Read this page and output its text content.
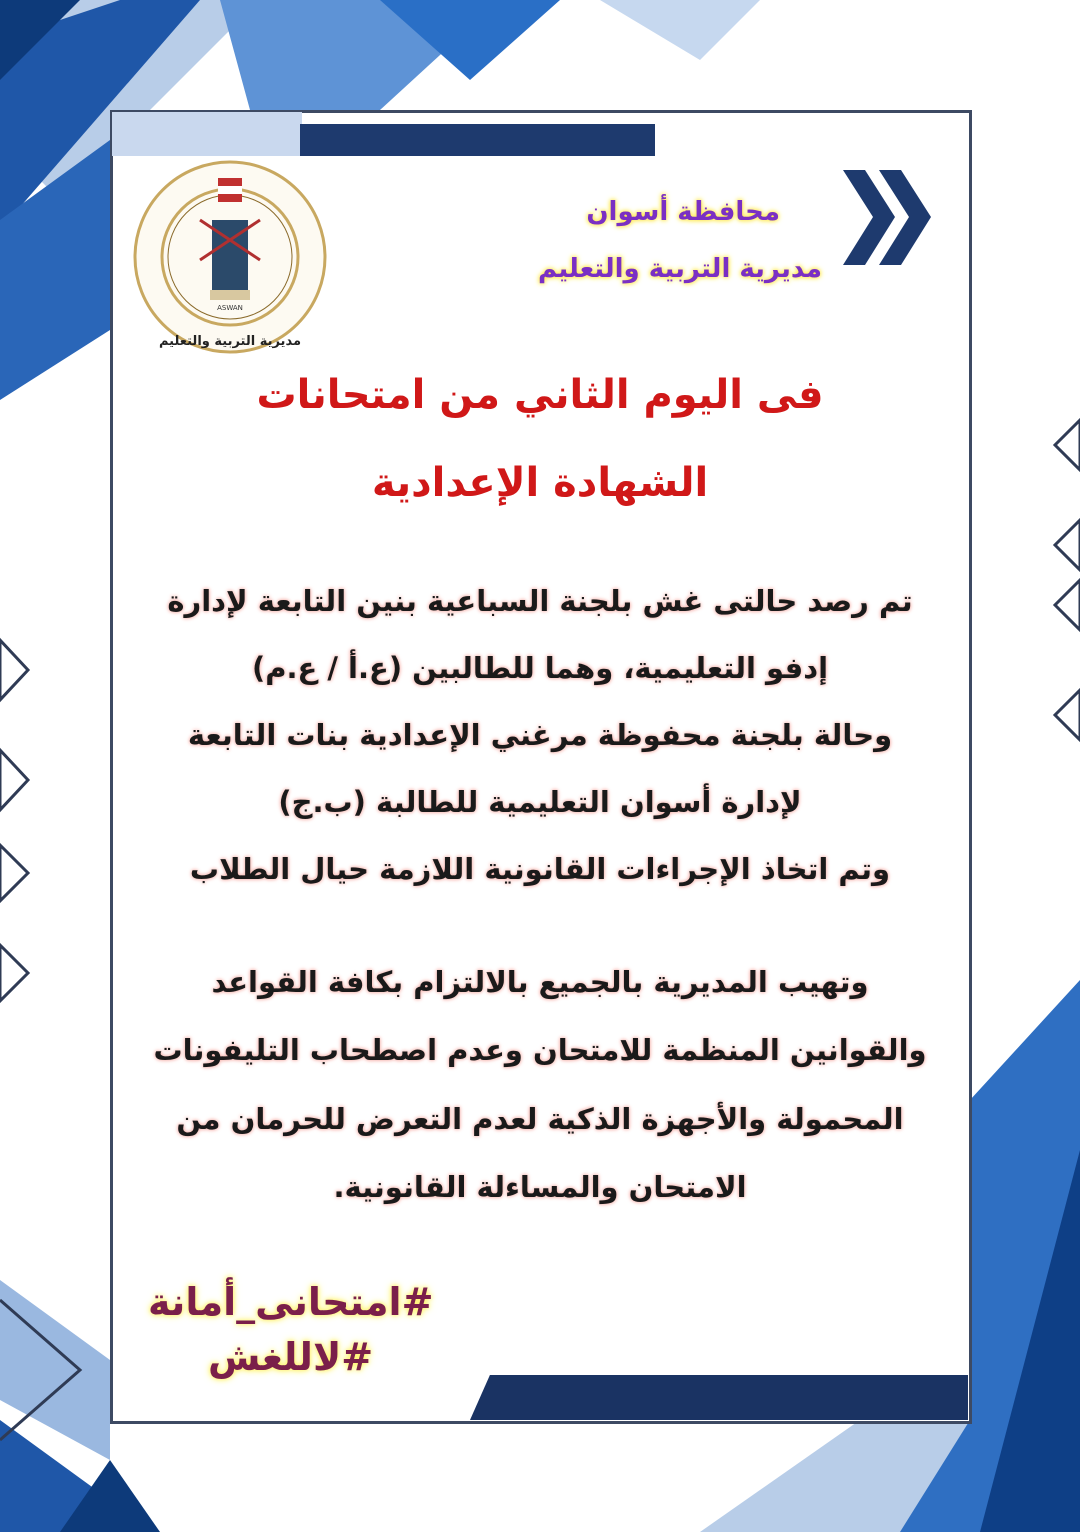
ASWAN
مديرية التربية والتعليم
محافظة أسوان
مديرية التربية والتعليم
فى اليوم الثاني من امتحانات
الشهادة الإعدادية
تم رصد حالتى غش بلجنة السباعية بنين التابعة لإدارة
إدفو التعليمية، وهما للطالبين (ع.أ / ع.م)
وحالة بلجنة محفوظة مرغني الإعدادية بنات التابعة
لإدارة أسوان التعليمية للطالبة (ب.ج)
وتم اتخاذ الإجراءات القانونية اللازمة حيال الطلاب
وتهيب المديرية بالجميع بالالتزام بكافة القواعد
والقوانين المنظمة للامتحان وعدم اصطحاب التليفونات
المحمولة والأجهزة الذكية لعدم التعرض للحرمان من
الامتحان والمساءلة القانونية.
#امتحانى_أمانة
#لاللغش
